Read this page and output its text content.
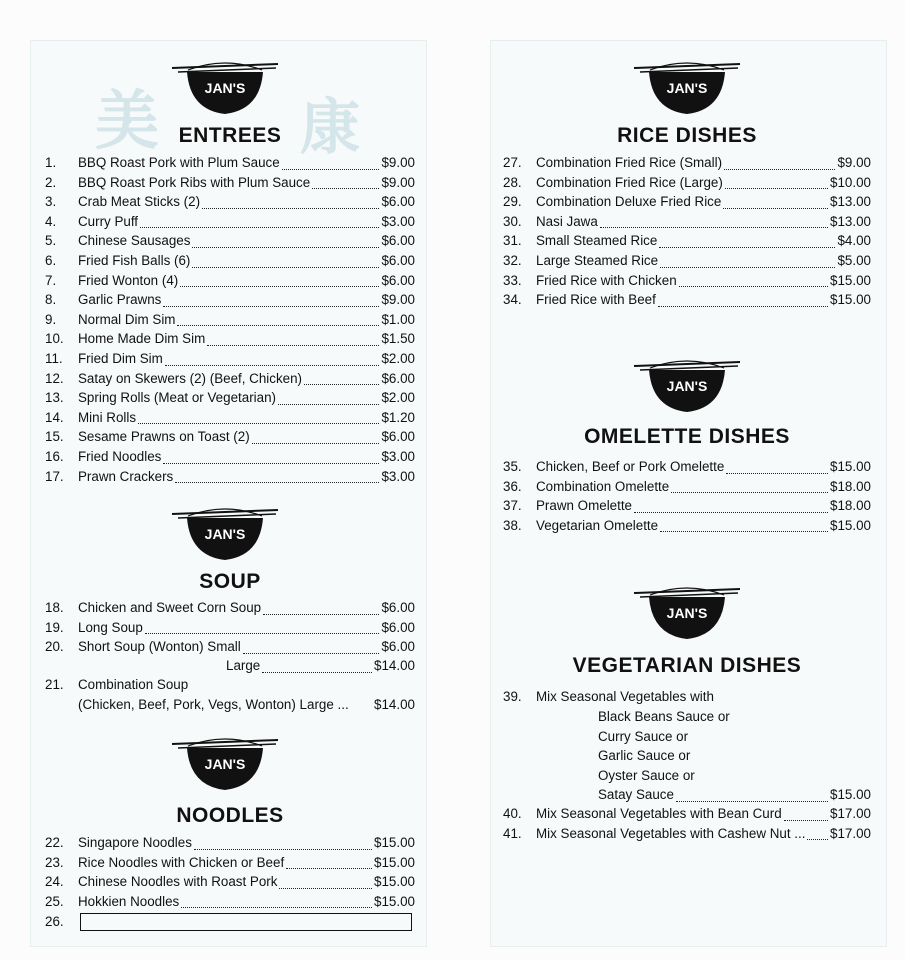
美 康
JAN'S
ENTREES
1.	BBQ Roast Pork with Plum Sauce	$9.00
2.	BBQ Roast Pork Ribs with Plum Sauce	$9.00
3.	Crab Meat Sticks (2)	$6.00
4.	Curry Puff	$3.00
5.	Chinese Sausages	$6.00
6.	Fried Fish Balls (6)	$6.00
7.	Fried Wonton (4)	$6.00
8.	Garlic Prawns	$9.00
9.	Normal Dim Sim	$1.00
10.	Home Made Dim Sim	$1.50
11.	Fried Dim Sim	$2.00
12.	Satay on Skewers (2) (Beef, Chicken)	$6.00
13.	Spring Rolls (Meat or Vegetarian)	$2.00
14.	Mini Rolls	$1.20
15.	Sesame Prawns on Toast (2)	$6.00
16.	Fried Noodles	$3.00
17.	Prawn Crackers	$3.00
JAN'S
SOUP
18.	Chicken and Sweet Corn Soup	$6.00
19.	Long Soup	$6.00
20.	Short Soup (Wonton) Small	$6.00
Large	$14.00
21. Combination Soup
(Chicken, Beef, Pork, Vegs, Wonton) Large ... $14.00
JAN'S
NOODLES
22.	Singapore Noodles	$15.00
23.	Rice Noodles with Chicken or Beef	$15.00
24.	Chinese Noodles with Roast Pork	$15.00
25.	Hokkien Noodles	$15.00
26.
JAN'S
RICE DISHES
27.	Combination Fried Rice (Small)	$9.00
28.	Combination Fried Rice (Large)	$10.00
29.	Combination Deluxe Fried Rice	$13.00
30.	Nasi Jawa	$13.00
31.	Small Steamed Rice	$4.00
32.	Large Steamed Rice	$5.00
33.	Fried Rice with Chicken	$15.00
34.	Fried Rice with Beef	$15.00
JAN'S
OMELETTE DISHES
35.	Chicken, Beef or Pork Omelette	$15.00
36.	Combination Omelette	$18.00
37.	Prawn Omelette	$18.00
38.	Vegetarian Omelette	$15.00
JAN'S
VEGETARIAN DISHES
39. Mix Seasonal Vegetables with
Black Beans Sauce or
Curry Sauce or
Garlic Sauce or
Oyster Sauce or
Satay Sauce	$15.00
40.	Mix Seasonal Vegetables with Bean Curd	$17.00
41.	Mix Seasonal Vegetables with Cashew Nut ... $17.00
